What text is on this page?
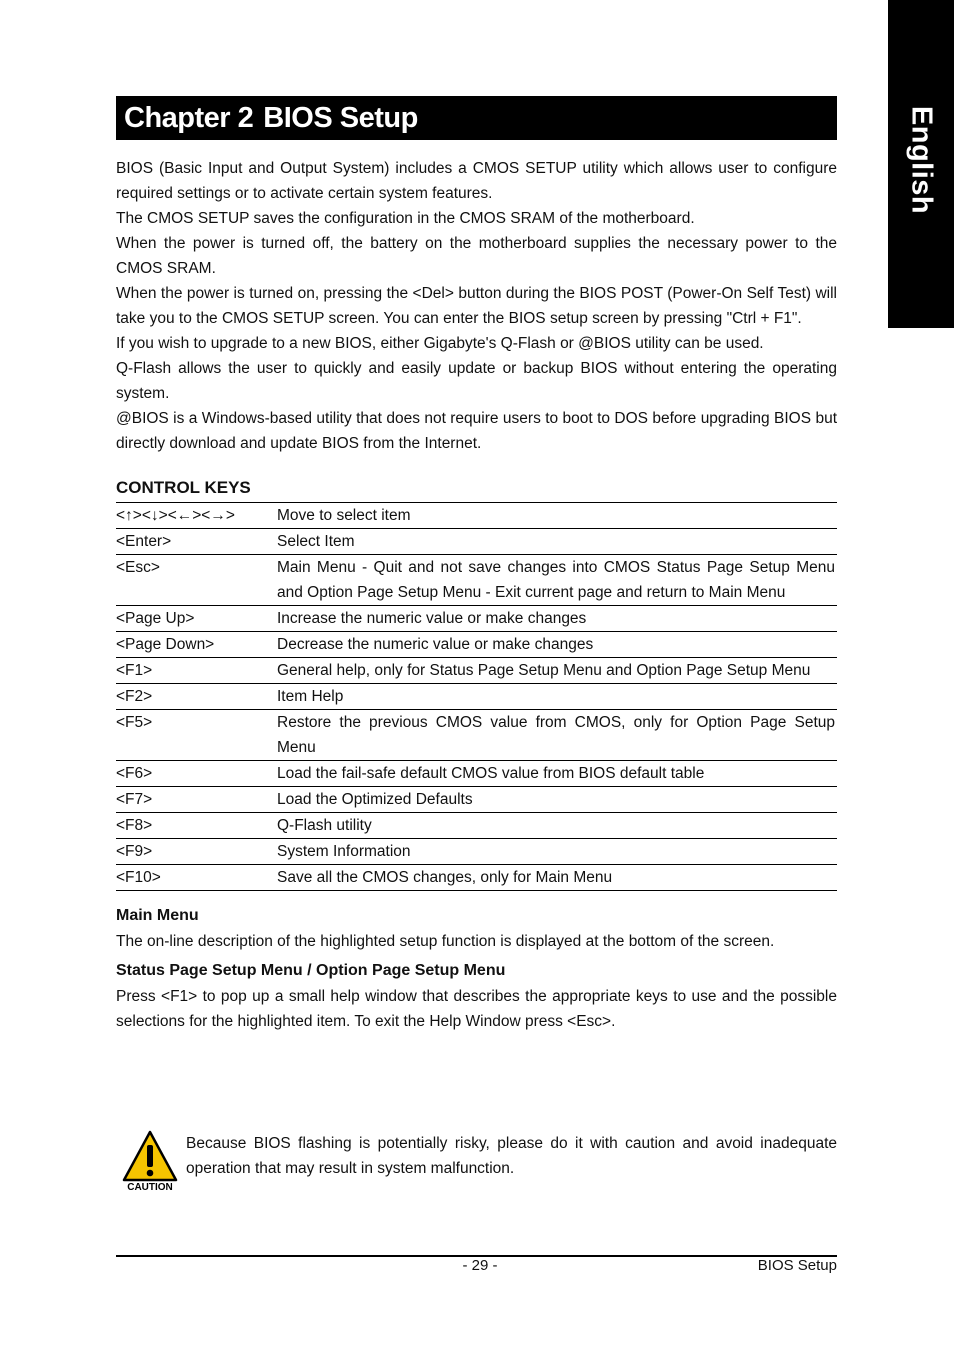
English
Chapter 2 BIOS Setup

BIOS (Basic Input and Output System) includes a CMOS SETUP utility which allows user to configure required settings or to activate certain system features.

The CMOS SETUP saves the configuration in the CMOS SRAM of the motherboard.

When the power is turned off, the battery on the motherboard supplies the necessary power to the CMOS SRAM.

When the power is turned on, pressing the <Del> button during the BIOS POST (Power-On Self Test) will take you to the CMOS SETUP screen. You can enter the BIOS setup screen by pressing "Ctrl + F1".

If you wish to upgrade to a new BIOS, either Gigabyte's Q-Flash or @BIOS utility can be used.

Q-Flash allows the user to quickly and easily update or backup BIOS without entering the operating system.

@BIOS is a Windows-based utility that does not require users to boot to DOS before upgrading BIOS but directly download and update BIOS from the Internet.

CONTROL KEYS
<↑><↓><←><→>	Move to select item
<Enter>	Select Item
<Esc>	Main Menu - Quit and not save changes into CMOS Status Page Setup Menu and Option Page Setup Menu - Exit current page and return to Main Menu
<Page Up>	Increase the numeric value or make changes
<Page Down>	Decrease the numeric value or make changes
<F1>	General help, only for Status Page Setup Menu and Option Page Setup Menu
<F2>	Item Help
<F5>	Restore the previous CMOS value from CMOS, only for Option Page Setup Menu
<F6>	Load the fail-safe default CMOS value from BIOS default table
<F7>	Load the Optimized Defaults
<F8>	Q-Flash utility
<F9>	System Information
<F10>	Save all the CMOS changes, only for Main Menu
Main Menu

The on-line description of the highlighted setup function is displayed at the bottom of the screen.

Status Page Setup Menu / Option Page Setup Menu

Press <F1> to pop up a small help window that describes the appropriate keys to use and the possible selections for the highlighted item. To exit the Help Window press <Esc>.

CAUTION
Because BIOS flashing is potentially risky, please do it with caution and avoid inadequate operation that may result in system malfunction.
- 29 -	BIOS Setup
